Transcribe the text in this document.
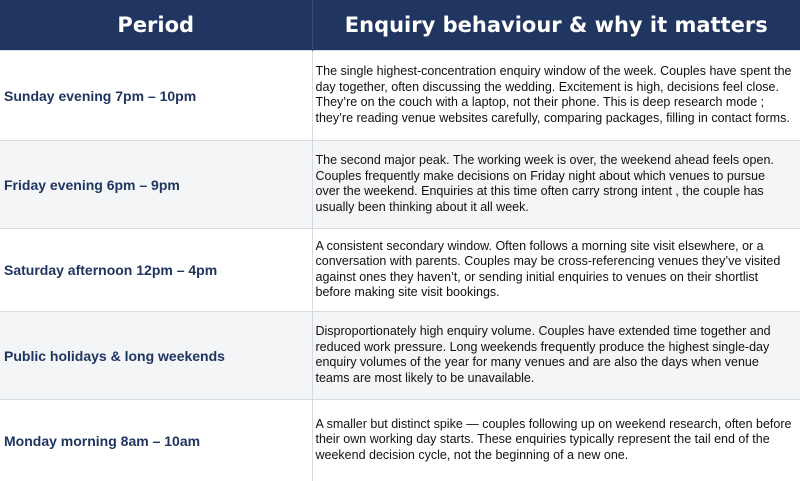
Period	Enquiry behaviour & why it matters
Sunday evening 7pm – 10pm	The single highest-concentration enquiry window of the week. Couples have spent the day together, often discussing the wedding. Excitement is high, decisions feel close. They’re on the couch with a laptop, not their phone. This is deep research mode ; they’re reading venue websites carefully, comparing packages, filling in contact forms.
Friday evening 6pm – 9pm	The second major peak. The working week is over, the weekend ahead feels open. Couples frequently make decisions on Friday night about which venues to pursue over the weekend. Enquiries at this time often carry strong intent , the couple has usually been thinking about it all week.
Saturday afternoon 12pm – 4pm	A consistent secondary window. Often follows a morning site visit elsewhere, or a conversation with parents. Couples may be cross-referencing venues they’ve visited against ones they haven’t, or sending initial enquiries to venues on their shortlist before making site visit bookings.
Public holidays & long weekends	Disproportionately high enquiry volume. Couples have extended time together and reduced work pressure. Long weekends frequently produce the highest single-day enquiry volumes of the year for many venues and are also the days when venue teams are most likely to be unavailable.
Monday morning 8am – 10am	A smaller but distinct spike — couples following up on weekend research, often before their own working day starts. These enquiries typically represent the tail end of the weekend decision cycle, not the beginning of a new one.
